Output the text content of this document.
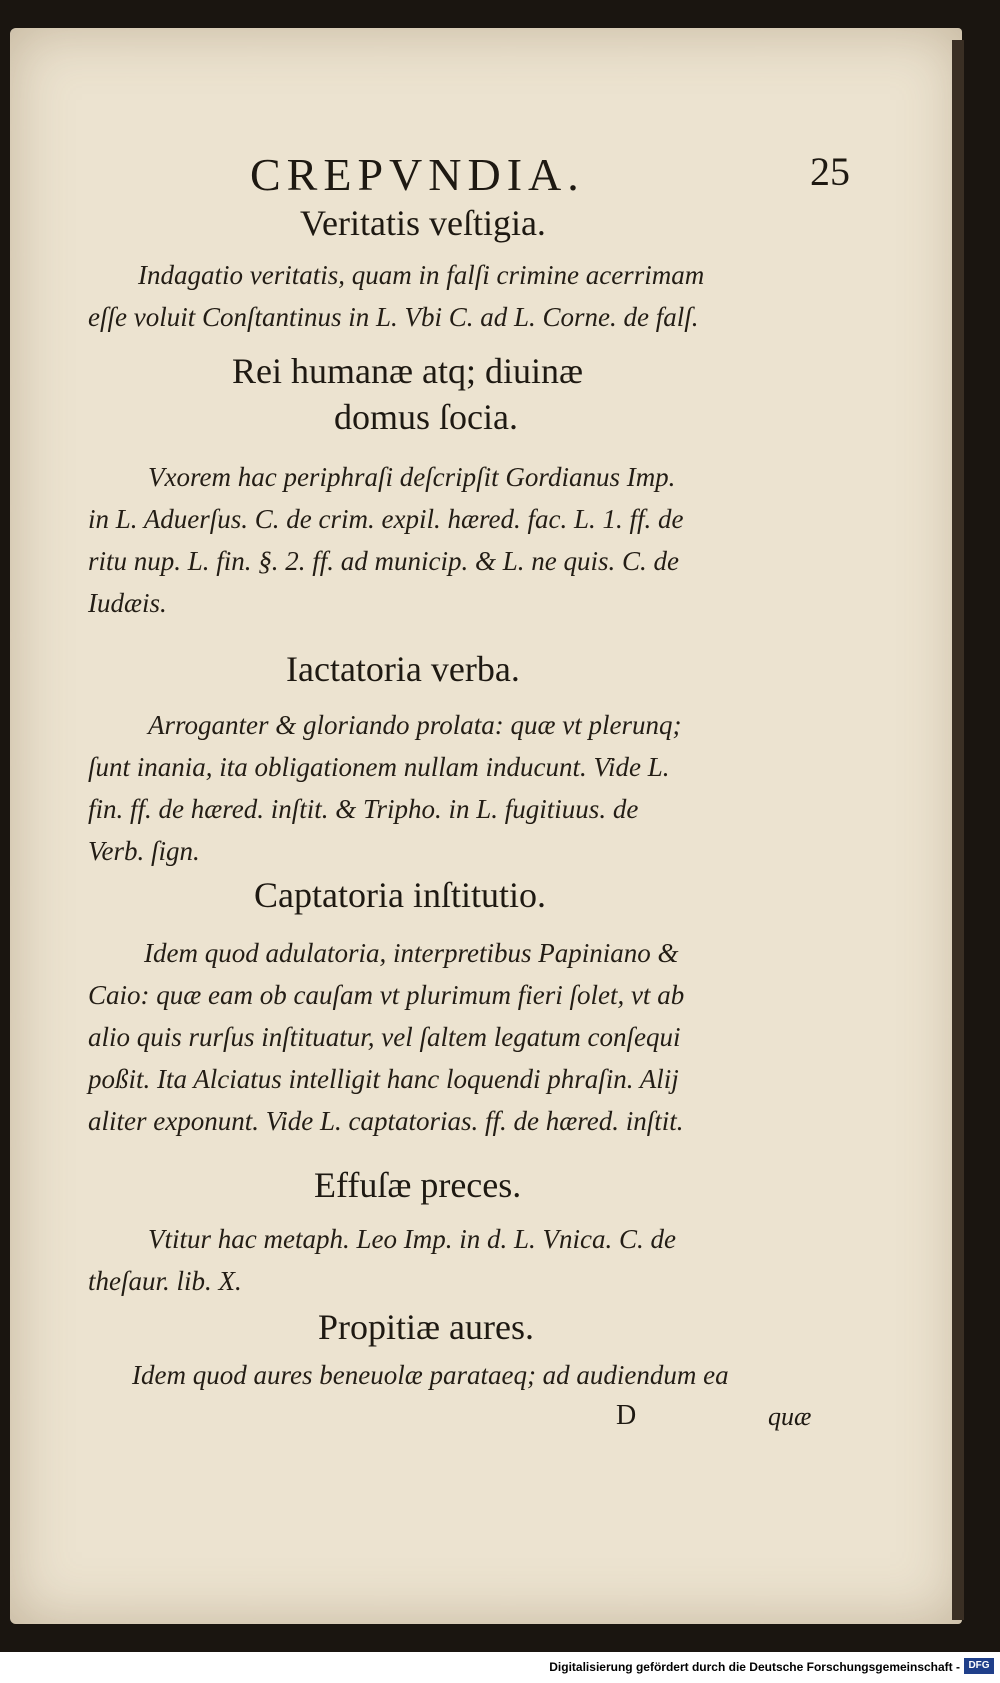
CREPVNDIA.	25
Veritatis veſtigia.
Indagatio veritatis, quam in falſi crimine acerrimam
eſſe voluit Conſtantinus in L. Vbi C. ad L. Corne. de falſ.
Rei humanæ atq; diuinæ
domus ſocia.
Vxorem hac periphraſi deſcripſit Gordianus Imp.
in L. Aduerſus. C. de crim. expil. hæred. fac. L. 1. ff. de
ritu nup. L. fin. §. 2. ff. ad municip. & L. ne quis. C. de
Iudæis.
Iactatoria verba.
Arroganter & gloriando prolata: quæ vt plerunq;
ſunt inania, ita obligationem nullam inducunt. Vide L.
fin. ff. de hæred. inſtit. & Tripho. in L. fugitiuus. de
Verb. ſign.
Captatoria inſtitutio.
Idem quod adulatoria, interpretibus Papiniano &
Caio: quæ eam ob cauſam vt plurimum fieri ſolet, vt ab
alio quis rurſus inſtituatur, vel ſaltem legatum conſequi
poßit. Ita Alciatus intelligit hanc loquendi phraſin. Alij
aliter exponunt. Vide L. captatorias. ff. de hæred. inſtit.
Effuſæ preces.
Vtitur hac metaph. Leo Imp. in d. L. Vnica. C. de
theſaur. lib. X.
Propitiæ aures.
Idem quod aures beneuolæ parataeq; ad audiendum ea
D	quæ
Digitalisierung gefördert durch die Deutsche Forschungsgemeinschaft - DFG
